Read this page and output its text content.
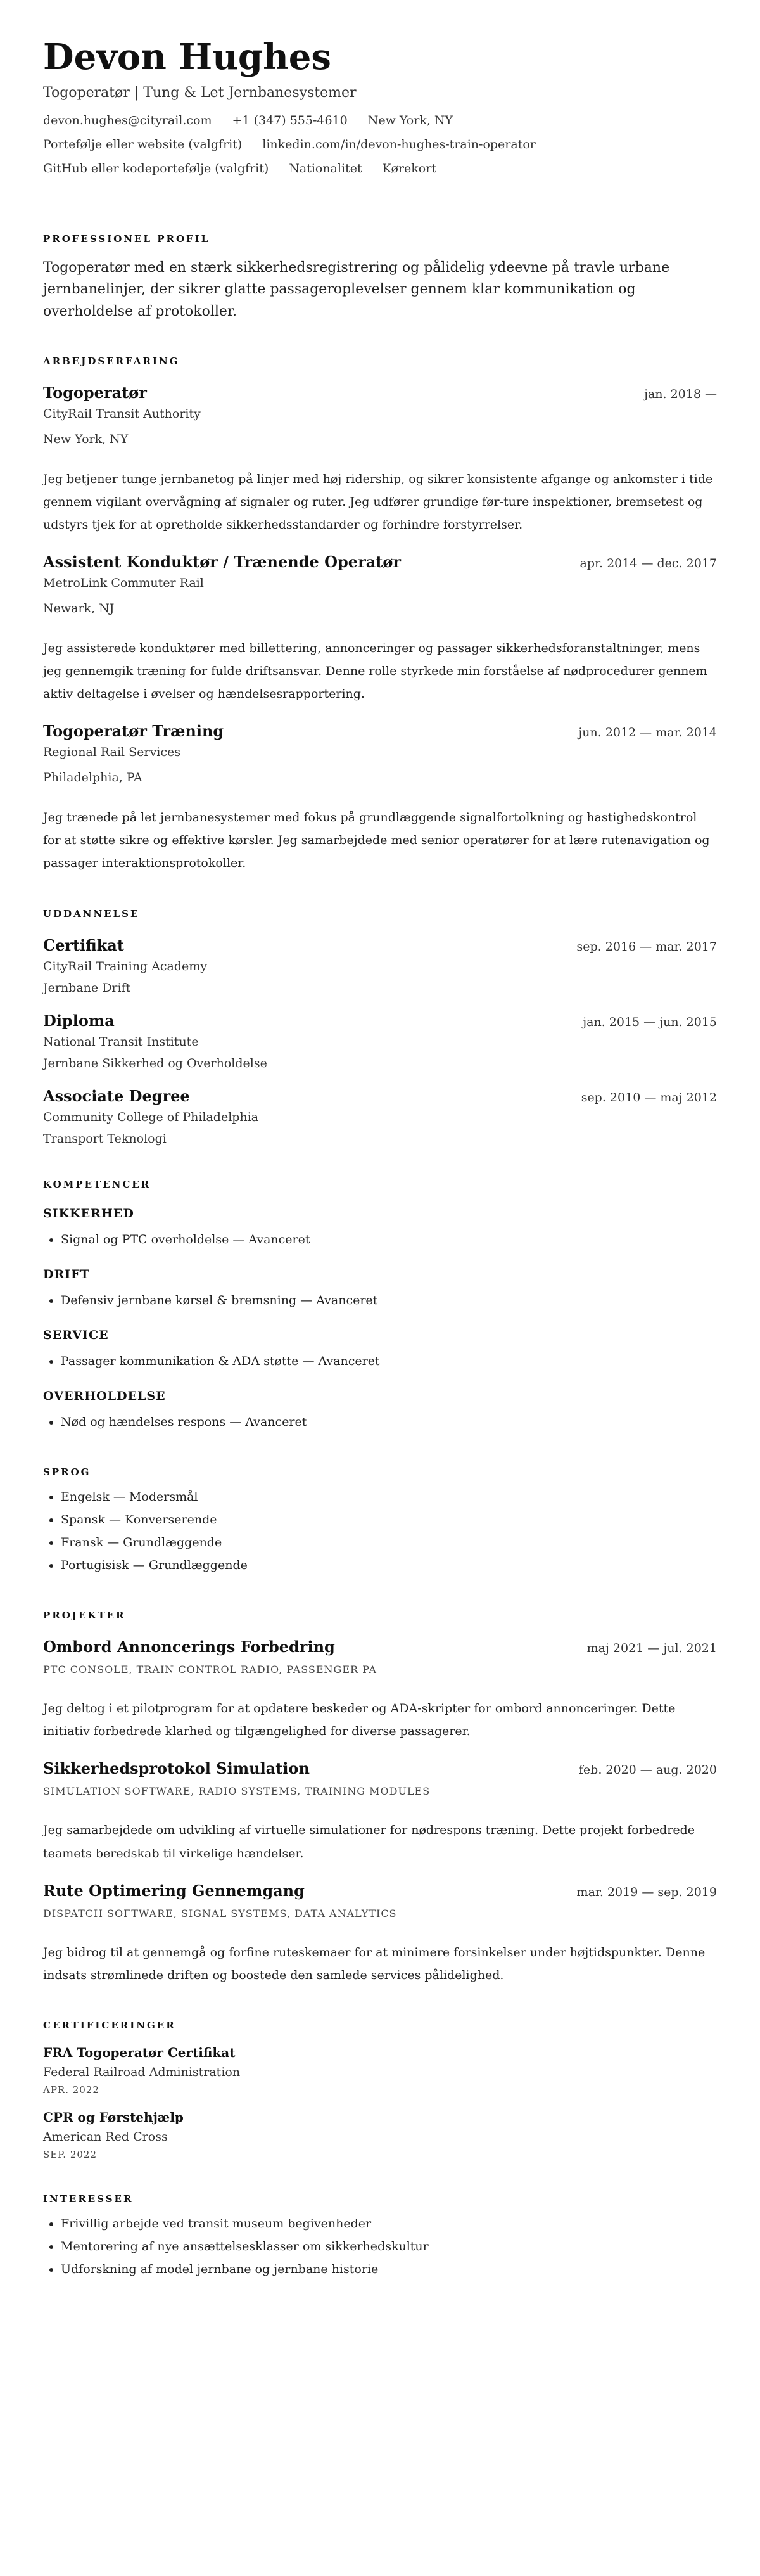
Devon Hughes
Togoperatør | Tung & Let Jernbanesystemer
devon.hughes@cityrail.com +1 (347) 555-4610 New York, NY
Portefølje eller website (valgfrit) linkedin.com/in/devon-hughes-train-operator
GitHub eller kodeportefølje (valgfrit) Nationalitet Kørekort
PROFESSIONEL PROFIL
Togoperatør med en stærk sikkerhedsregistrering og pålidelig ydeevne på travle urbane jernbanelinjer, der sikrer glatte passageroplevelser gennem klar kommunikation og overholdelse af protokoller.
ARBEJDSERFARING
Togoperatør	jan. 2018 —
CityRail Transit Authority
New York, NY
Jeg betjener tunge jernbanetog på linjer med høj ridership, og sikrer konsistente afgange og ankomster i tide gennem vigilant overvågning af signaler og ruter. Jeg udfører grundige før-ture inspektioner, bremsetest og udstyrs tjek for at opretholde sikkerhedsstandarder og forhindre forstyrrelser.
Assistent Konduktør / Trænende Operatør	apr. 2014 — dec. 2017
MetroLink Commuter Rail
Newark, NJ
Jeg assisterede konduktører med billettering, annonceringer og passager sikkerhedsforanstaltninger, mens jeg gennemgik træning for fulde driftsansvar. Denne rolle styrkede min forståelse af nødprocedurer gennem aktiv deltagelse i øvelser og hændelsesrapportering.
Togoperatør Træning	jun. 2012 — mar. 2014
Regional Rail Services
Philadelphia, PA
Jeg trænede på let jernbanesystemer med fokus på grundlæggende signalfortolkning og hastighedskontrol for at støtte sikre og effektive kørsler. Jeg samarbejdede med senior operatører for at lære rutenavigation og passager interaktionsprotokoller.
UDDANNELSE
Certifikat	sep. 2016 — mar. 2017
CityRail Training Academy
Jernbane Drift
Diploma	jan. 2015 — jun. 2015
National Transit Institute
Jernbane Sikkerhed og Overholdelse
Associate Degree	sep. 2010 — maj 2012
Community College of Philadelphia
Transport Teknologi
KOMPETENCER
SIKKERHED
• Signal og PTC overholdelse — Avanceret
DRIFT
• Defensiv jernbane kørsel & bremsning — Avanceret
SERVICE
• Passager kommunikation & ADA støtte — Avanceret
OVERHOLDELSE
• Nød og hændelses respons — Avanceret
SPROG
• Engelsk — Modersmål
• Spansk — Konverserende
• Fransk — Grundlæggende
• Portugisisk — Grundlæggende
PROJEKTER
Ombord Annoncerings Forbedring	maj 2021 — jul. 2021
PTC CONSOLE, TRAIN CONTROL RADIO, PASSENGER PA
Jeg deltog i et pilotprogram for at opdatere beskeder og ADA-skripter for ombord annonceringer. Dette initiativ forbedrede klarhed og tilgængelighed for diverse passagerer.
Sikkerhedsprotokol Simulation	feb. 2020 — aug. 2020
SIMULATION SOFTWARE, RADIO SYSTEMS, TRAINING MODULES
Jeg samarbejdede om udvikling af virtuelle simulationer for nødrespons træning. Dette projekt forbedrede teamets beredskab til virkelige hændelser.
Rute Optimering Gennemgang	mar. 2019 — sep. 2019
DISPATCH SOFTWARE, SIGNAL SYSTEMS, DATA ANALYTICS
Jeg bidrog til at gennemgå og forfine ruteskemaer for at minimere forsinkelser under højtidspunkter. Denne indsats strømlinede driften og boostede den samlede services pålidelighed.
CERTIFICERINGER
FRA Togoperatør Certifikat
Federal Railroad Administration
APR. 2022
CPR og Førstehjælp
American Red Cross
SEP. 2022
INTERESSER
• Frivillig arbejde ved transit museum begivenheder
• Mentorering af nye ansættelsesklasser om sikkerhedskultur
• Udforskning af model jernbane og jernbane historie
